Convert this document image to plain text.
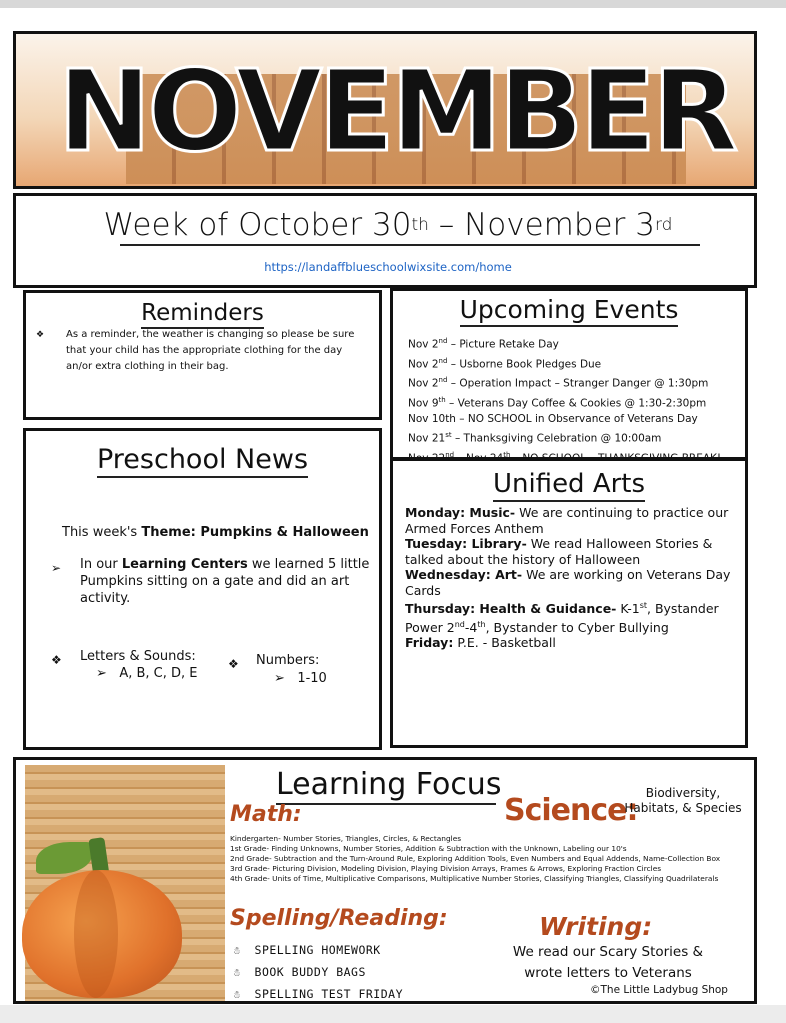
NOVEMBER
Week of October 30th – November 3rd
https://landaffblueschoolwixsite.com/home
Reminders
❖ As a reminder, the weather is changing so please be sure that your child has the appropriate clothing for the day an/or extra clothing in their bag.
Upcoming Events
Nov 2nd – Picture Retake Day
Nov 2nd – Usborne Book Pledges Due
Nov 2nd – Operation Impact – Stranger Danger @ 1:30pm
Nov 9th – Veterans Day Coffee & Cookies @ 1:30-2:30pm
Nov 10th – NO SCHOOL in Observance of Veterans Day
Nov 21st – Thanksgiving Celebration @ 10:00am
$^{nd}$	$^{th}$
Preschool News
This week's Theme: Pumpkins & Halloween
➢ In our Learning Centers we learned 5 little Pumpkins sitting on a gate and did an art activity.
❖ Letters & Sounds:
➢ A, B, C, D, E
❖ Numbers:
➢ 1-10
Unified Arts

Monday: Music- We are continuing to practice our Armed Forces Anthem

Tuesday: Library- We read Halloween Stories & talked about the history of Halloween

Wednesday: Art- We are working on Veterans Day Cards

Thursday: Health & Guidance- K-1st, Bystander Power 2nd-4th, Bystander to Cyber Bullying

Friday: P.E. - Basketball

Learning Focus
Math:	Science: Biodiversity, Habitats, & Species
Kindergarten- Number Stories, Triangles, Circles, & Rectangles
1st Grade- Finding Unknowns, Number Stories, Addition & Subtraction with the Unknown, Labeling our 10's
2nd Grade- Subtraction and the Turn-Around Rule, Exploring Addition Tools, Even Numbers and Equal Addends, Name-Collection Box
3rd Grade- Picturing Division, Modeling Division, Playing Division Arrays, Frames & Arrows, Exploring Fraction Circles
4th Grade- Units of Time, Multiplicative Comparisons, Multiplicative Number Stories, Classifying Triangles, Classifying Quadrilaterals
Spelling/Reading:
☃ SPELLING HOMEWORK
☃ BOOK BUDDY BAGS
☃ SPELLING TEST FRIDAY
Writing:
We read our Scary Stories & wrote letters to Veterans
©The Little Ladybug Shop
